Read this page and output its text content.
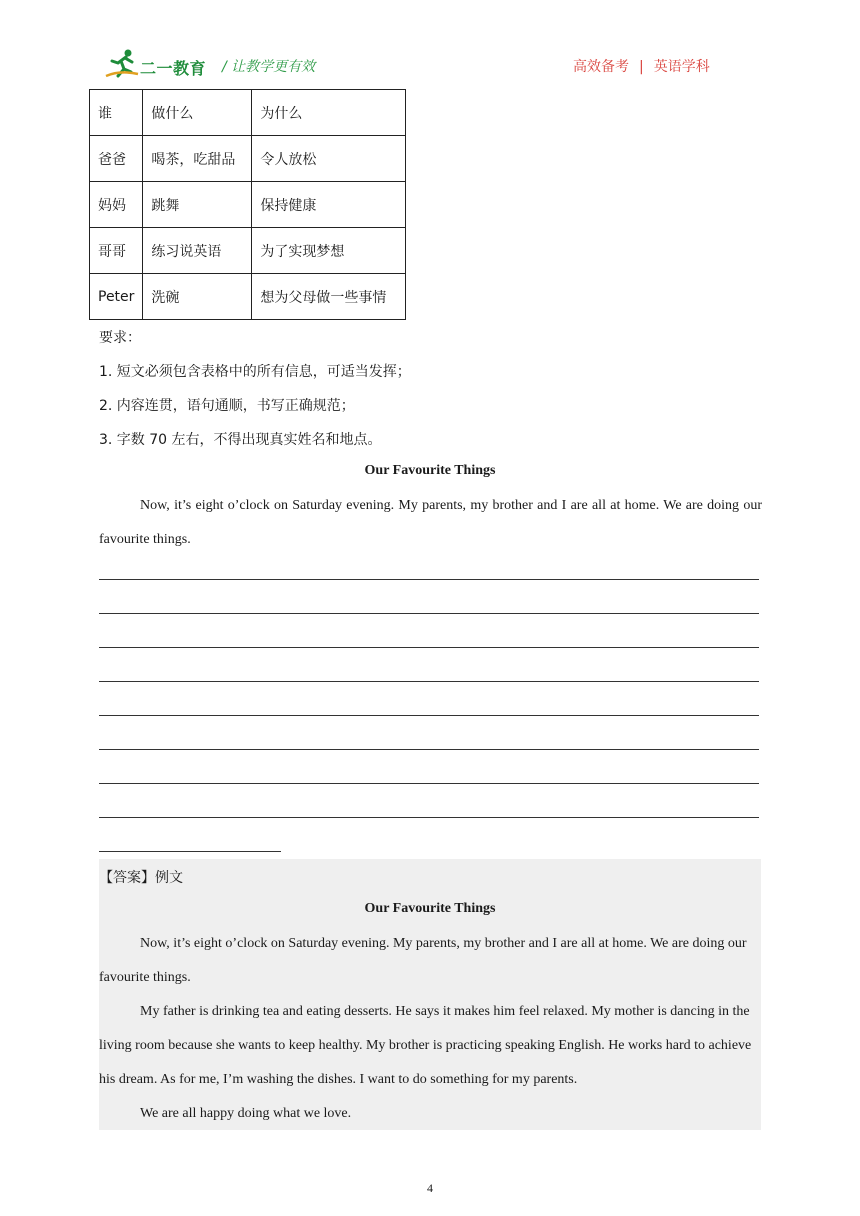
二一教育 / 让教学更有效	高效备考 | 英语学科
谁	做什么	为什么
爸爸	喝茶，吃甜品	令人放松
妈妈	跳舞	保持健康
哥哥	练习说英语	为了实现梦想
Peter	洗碗	想为父母做一些事情
要求：
1. 短文必须包含表格中的所有信息，可适当发挥；
2. 内容连贯，语句通顺，书写正确规范；
3. 字数 70 左右，不得出现真实姓名和地点。
Our Favourite Things
Now, it’s eight o’clock on Saturday evening. My parents, my brother and I are all at home. We are doing our favourite things.
【答案】例文
Our Favourite Things
Now, it’s eight o’clock on Saturday evening. My parents, my brother and I are all at home. We are doing our favourite things.
My father is drinking tea and eating desserts. He says it makes him feel relaxed. My mother is dancing in the living room because she wants to keep healthy. My brother is practicing speaking English. He works hard to achieve his dream. As for me, I’m washing the dishes. I want to do something for my parents.
We are all happy doing what we love.
4
